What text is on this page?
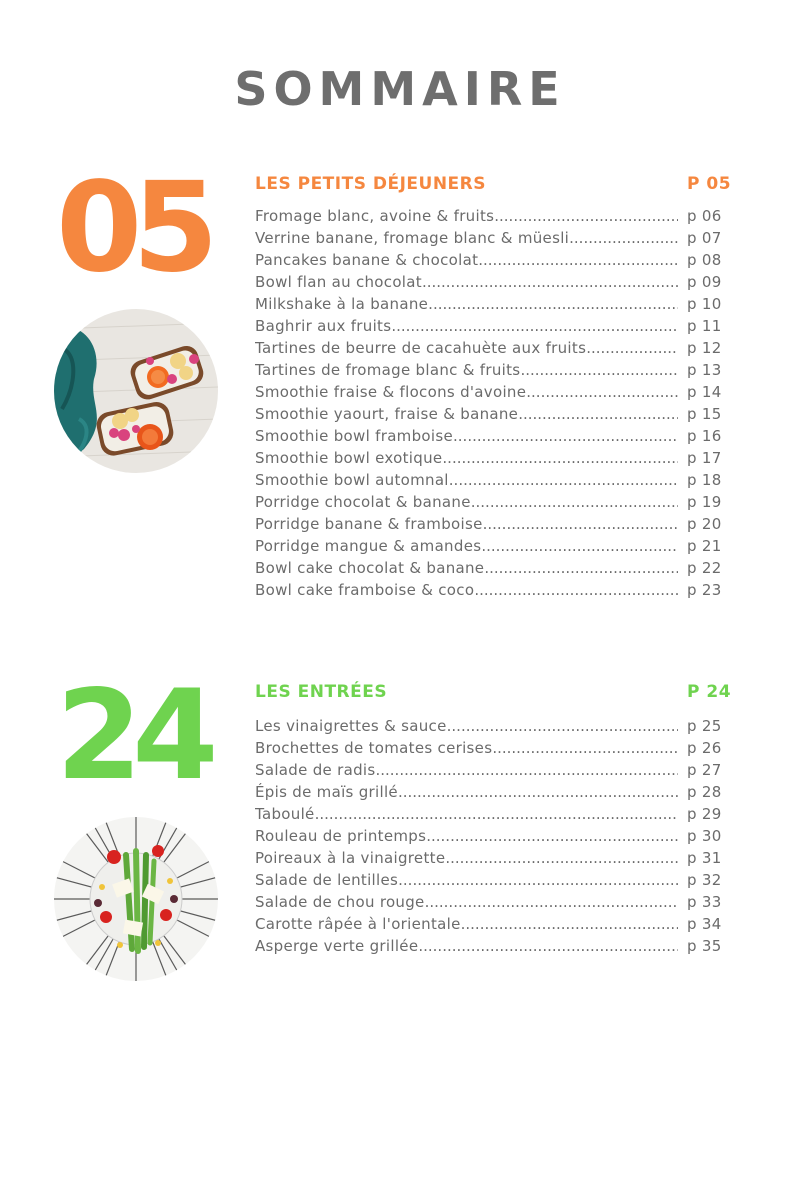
SOMMAIRE
05	LES PETITS DÉJEUNERS	P 05
Fromage blanc, avoine & fruits .....	p 06
Verrine banane, fromage blanc & müesli .....	p 07
Pancakes banane & chocolat .....	p 08
Bowl flan au chocolat .....	p 09
Milkshake à la banane .....	p 10
Baghrir aux fruits .....	p 11
Tartines de beurre de cacahuète aux fruits .....	p 12
Tartines de fromage blanc & fruits .....	p 13
Smoothie fraise & flocons d'avoine .....	p 14
Smoothie yaourt, fraise & banane .....	p 15
Smoothie bowl framboise .....	p 16
Smoothie bowl exotique .....	p 17
Smoothie bowl automnal .....	p 18
Porridge chocolat & banane .....	p 19
Porridge banane & framboise .....	p 20
Porridge mangue & amandes .....	p 21
Bowl cake chocolat & banane .....	p 22
Bowl cake framboise & coco .....	p 23
24	LES ENTRÉES	P 24
Les vinaigrettes & sauce .....	p 25
Brochettes de tomates cerises .....	p 26
Salade de radis .....	p 27
Épis de maïs grillé .....	p 28
Taboulé .....	p 29
Rouleau de printemps .....	p 30
Poireaux à la vinaigrette .....	p 31
Salade de lentilles .....	p 32
Salade de chou rouge .....	p 33
Carotte râpée à l'orientale .....	p 34
Asperge verte grillée .....	p 35
